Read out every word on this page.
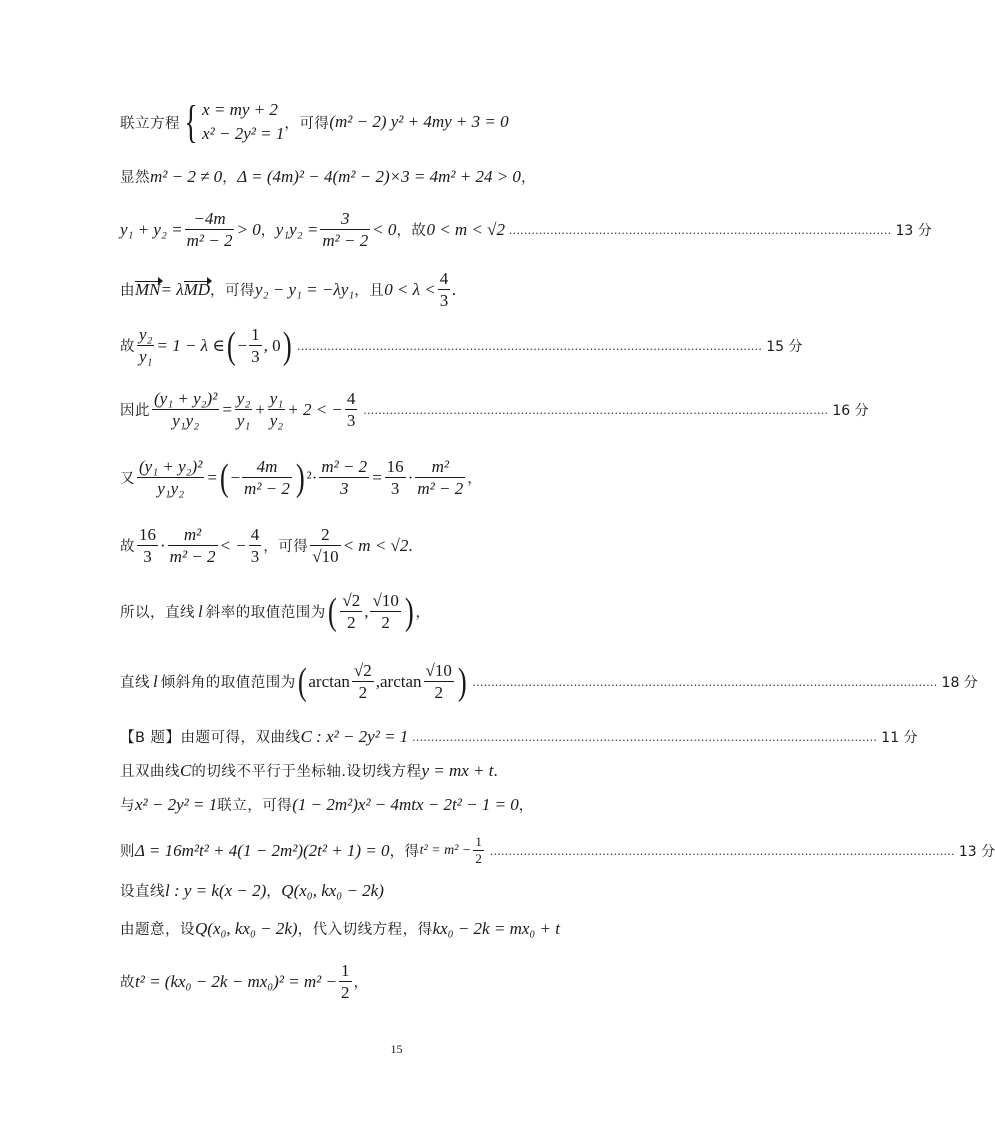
联立方程 { x = my + 2
x² − 2y² = 1
，可得 (m² − 2) y² + 4my + 3 = 0
显然 m² − 2 ≠ 0 ， Δ = (4m)² − 4(m² − 2)×3 = 4m² + 24 > 0 ，
$y_1 + y_2 = \frac{-4m}{\text{m² − 2}} > 0$ ， $y_1y_2 = \frac{3}{\text{m² − 2}} < 0$ ，故 0 < m < √2 ...................................................................................................... 13 分
由 MN = λ MD ，可得 y₂ − y₁ = −λy₁ ，且 $0 < \lambda < \frac{4}{3}$ .
故 $\frac{\text{y₂}}{\text{y₁}} = 1 - \lambda$ ∈ ( − $\frac{1}{3}$ , 0 ) ............................................................................................................................ 15 分
因此 $\frac{\text{(y₁ + y₂)²}}{\text{y₁y₂}} = \frac{\text{y₂}}{\text{y₁}} + \frac{\text{y₁}}{\text{y₂}} + 2$ < − $\frac{4}{3}$ ............................................................................................................................ 16 分
又 $\frac{\text{(y₁ + y₂)²}}{\text{y₁y₂}}$ = ( − $\frac{4m}{\text{m² − 2}}$ ) $^2\cdot \frac{\text{m² − 2}}{3} = \frac{16}{3} \cdot \frac{\text{m²}}{\text{m² − 2}}$ ，
故 $\frac{16}{3} \cdot \frac{\text{m²}}{\text{m² − 2}}$ < − $\frac{4}{3}$ ，可得 $\frac{2}{√10} < m < √2$ .
所以，直线 l 斜率的取值范围为 ( $\frac{√2}{2}$ , $\frac{√10}{2}$ ) ，
直线 l 倾斜角的取值范围为 ( $\arctan \frac{√2}{2} ,\arctan \frac{√10}{2}$ ) ............................................................................................................................ 18 分
【B 题】由题可得，双曲线 C : x² − 2y² = 1 ............................................................................................................................ 11 分
且双曲线 C 的切线不平行于坐标轴.设切线方程 y = mx + t .
与 x² − 2y² = 1 联立，可得 (1 − 2m²)x² − 4mtx − 2t² − 1 = 0 ，
则 Δ = 16m²t² + 4(1 − 2m²)(2t² + 1) = 0 ，得 $t^2 = m^2 - \frac{1}{2}$ ............................................................................................................................ 13 分
设直线 l : y = k(x − 2) ， Q(x₀, kx₀ − 2k)
由题意，设 Q(x₀, kx₀ − 2k) ，代入切线方程，得 kx₀ − 2k = mx₀ + t
故 $t^2 = (kx_0 - 2k - mx_0)^2 = m^2 - \frac{1}{2}$ ，
15
